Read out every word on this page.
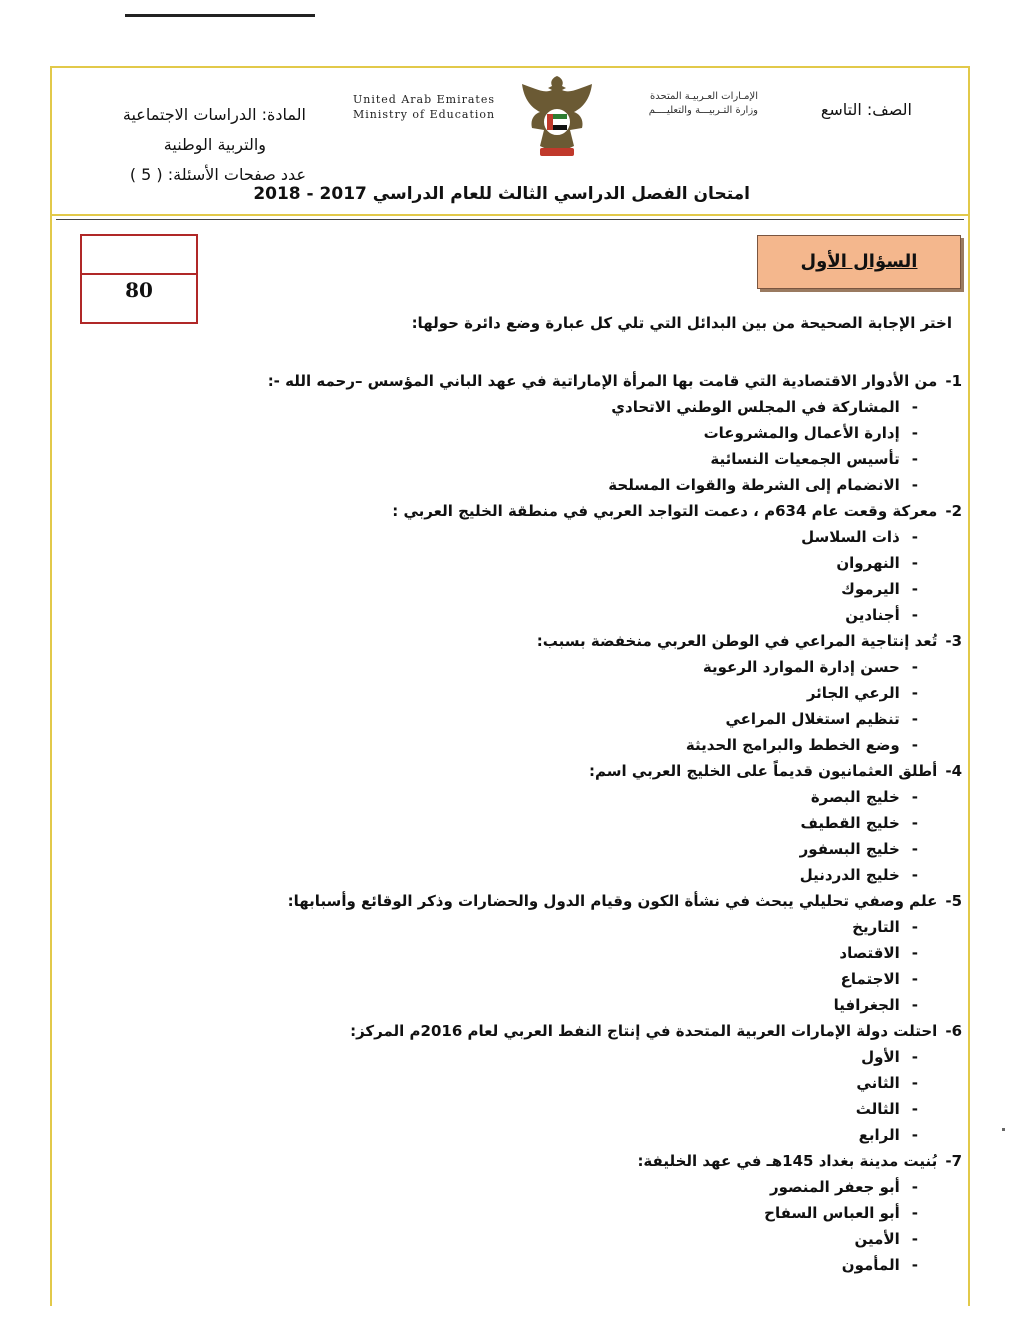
المادة: الدراسات الاجتماعية
والتربية الوطنية
عدد صفحات الأسئلة: ( 5 )
United Arab Emirates
Ministry of Education
الإمـارات العـربيـة المتحدة
وزارة التـربيـــة والتعليــــم	الصف: التاسع
امتحان الفصل الدراسي الثالث للعام الدراسي 2017 - 2018
80
السؤال الأول
اختر الإجابة الصحيحة من بين البدائل التي تلي كل عبارة وضع دائرة حولها:
1-من الأدوار الاقتصادية التي قامت بها المرأة الإماراتية في عهد الباني المؤسس –رحمه الله -:
-المشاركة في المجلس الوطني الاتحادي
-إدارة الأعمال والمشروعات
-تأسيس الجمعيات النسائية
-الانضمام إلى الشرطة والقوات المسلحة
2-معركة وقعت عام 634م ، دعمت التواجد العربي في منطقة الخليج العربي :
-ذات السلاسل
-النهروان
-اليرموك
-أجنادين
3-تُعد إنتاجية المراعي في الوطن العربي منخفضة بسبب:
-حسن إدارة الموارد الرعوية
-الرعي الجائر
-تنظيم استغلال المراعي
-وضع الخطط والبرامج الحديثة
4-أطلق العثمانيون قديماً على الخليج العربي اسم:
-خليج البصرة
-خليج القطيف
-خليج البسفور
-خليج الدردنيل
5-علم وصفي تحليلي يبحث في نشأة الكون وقيام الدول والحضارات وذكر الوقائع وأسبابها:
-التاريخ
-الاقتصاد
-الاجتماع
-الجغرافيا
6-احتلت دولة الإمارات العربية المتحدة في إنتاج النفط العربي لعام 2016م المركز:
-الأول
-الثاني
-الثالث
-الرابع
7-بُنيت مدينة بغداد 145هـ في عهد الخليفة:
-أبو جعفر المنصور
-أبو العباس السفاح
-الأمين
-المأمون
